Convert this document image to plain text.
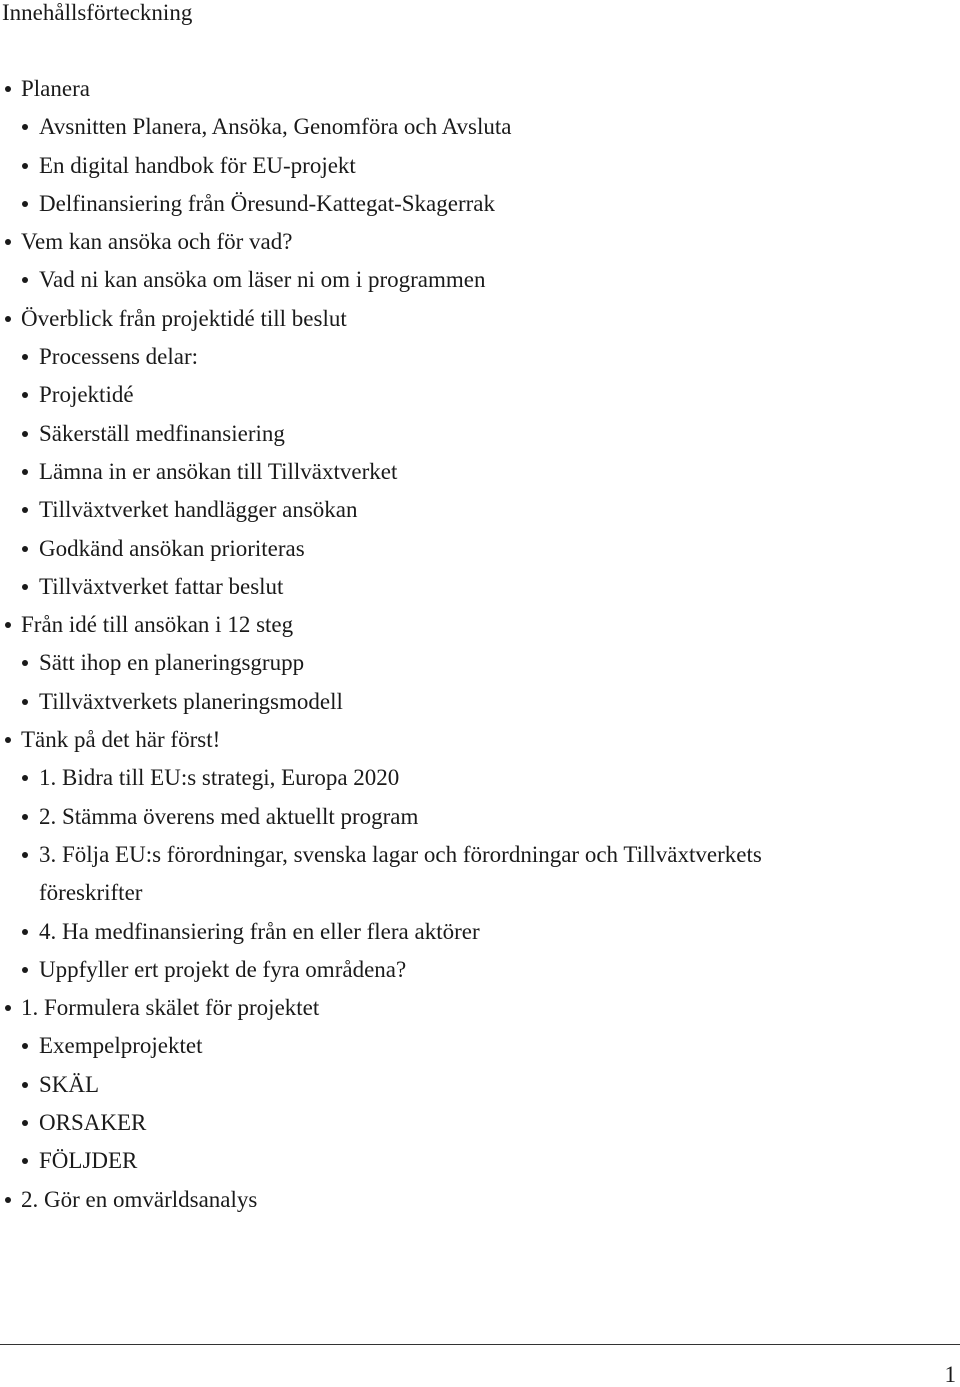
Innehållsförteckning
Planera
Avsnitten Planera, Ansöka, Genomföra och Avsluta
En digital handbok för EU-projekt
Delfinansiering från Öresund-Kattegat-Skagerrak
Vem kan ansöka och för vad?
Vad ni kan ansöka om läser ni om i programmen
Överblick från projektidé till beslut
Processens delar:
Projektidé
Säkerställ medfinansiering
Lämna in er ansökan till Tillväxtverket
Tillväxtverket handlägger ansökan
Godkänd ansökan prioriteras
Tillväxtverket fattar beslut
Från idé till ansökan i 12 steg
Sätt ihop en planeringsgrupp
Tillväxtverkets planeringsmodell
Tänk på det här först!
1. Bidra till EU:s strategi, Europa 2020
2. Stämma överens med aktuellt program
3. Följa EU:s förordningar, svenska lagar och förordningar och Tillväxtverkets föreskrifter
4. Ha medfinansiering från en eller flera aktörer
Uppfyller ert projekt de fyra områdena?
1. Formulera skälet för projektet
Exempelprojektet
SKÄL
ORSAKER
FÖLJDER
2. Gör en omvärldsanalys
1
